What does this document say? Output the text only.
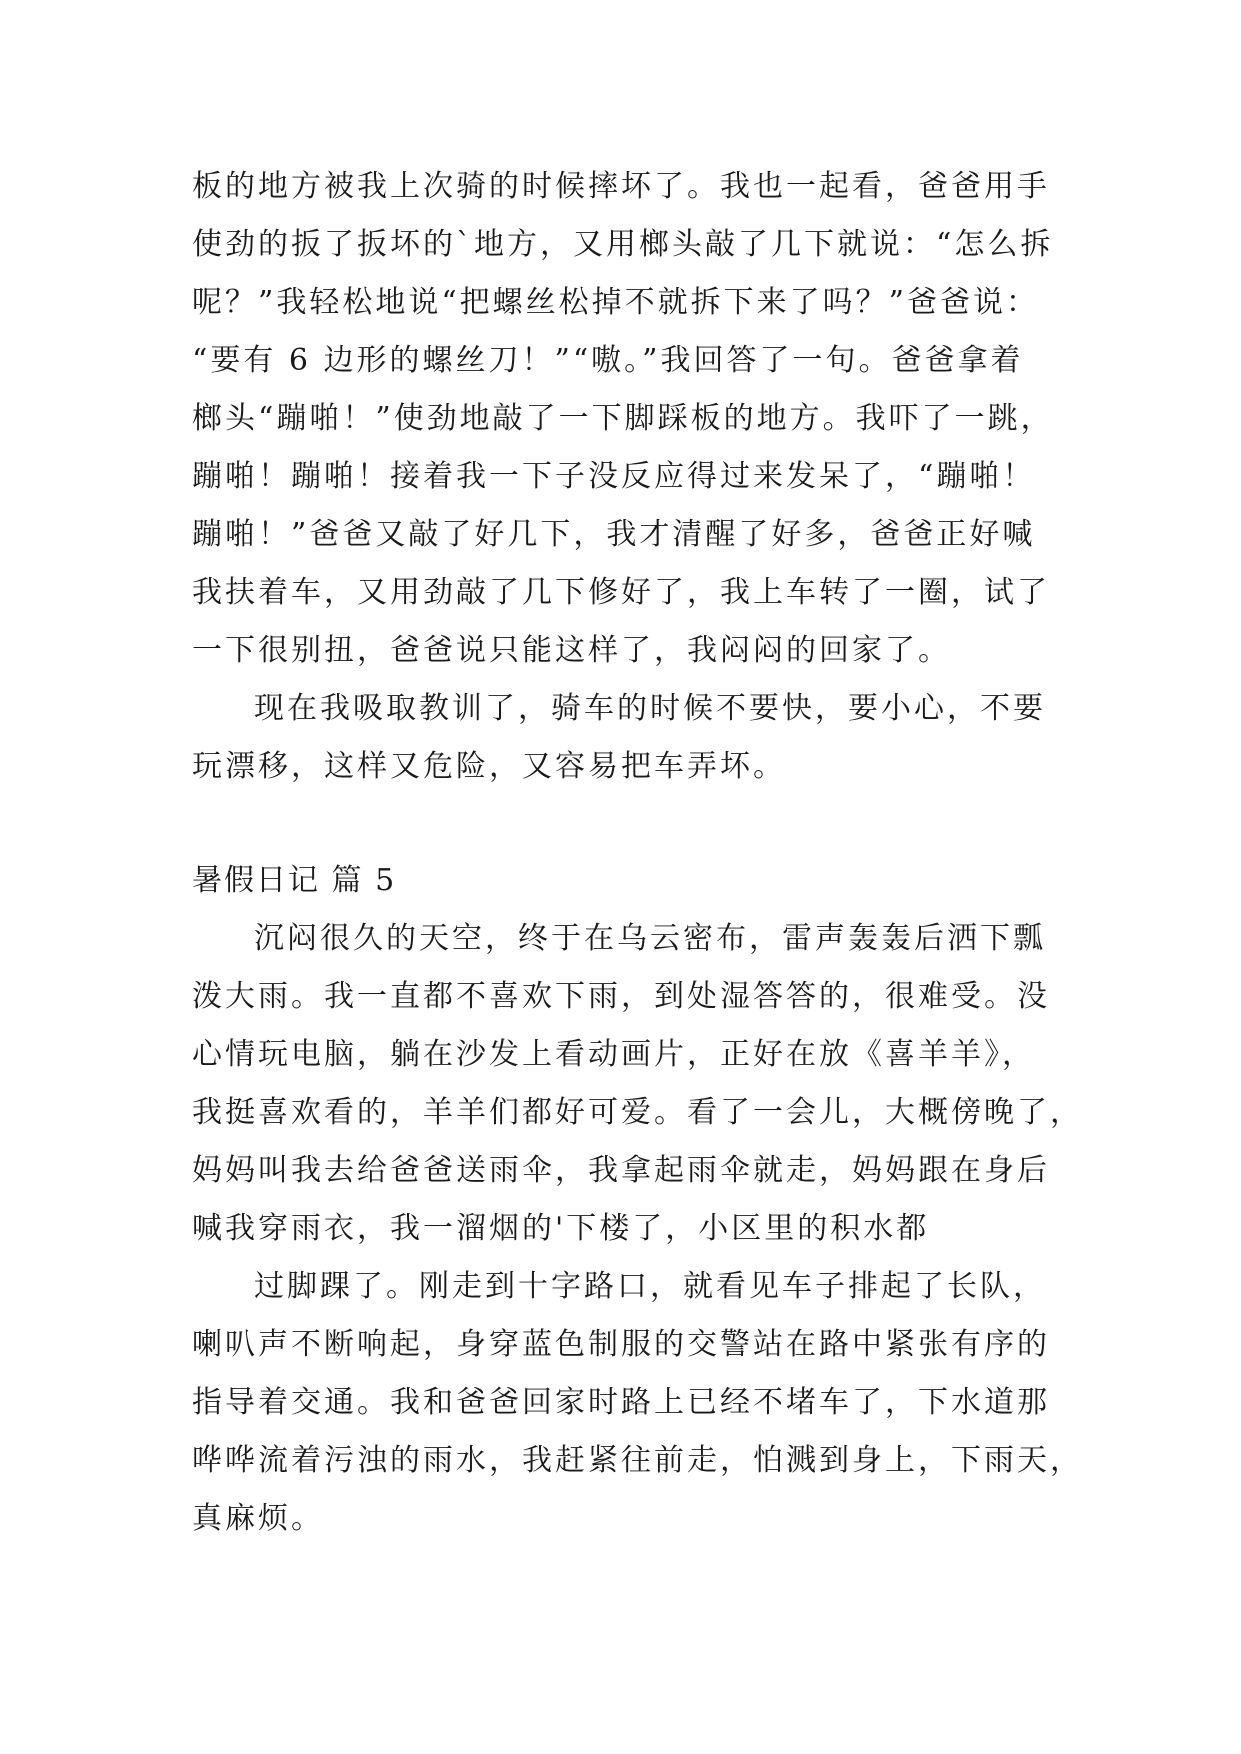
板的地方被我上次骑的时候摔坏了。我也一起看，爸爸用手
使劲的扳了扳坏的`地方，又用榔头敲了几下就说：“怎么拆
呢？”我轻松地说“把螺丝松掉不就拆下来了吗？”爸爸说：
“要有 6 边形的螺丝刀！”“嗷。”我回答了一句。爸爸拿着
榔头“蹦啪！”使劲地敲了一下脚踩板的地方。我吓了一跳，
蹦啪！蹦啪！接着我一下子没反应得过来发呆了，“蹦啪！
蹦啪！”爸爸又敲了好几下，我才清醒了好多，爸爸正好喊
我扶着车，又用劲敲了几下修好了，我上车转了一圈，试了
一下很别扭，爸爸说只能这样了，我闷闷的回家了。
现在我吸取教训了，骑车的时候不要快，要小心，不要
玩漂移，这样又危险，又容易把车弄坏。
暑假日记 篇 5
沉闷很久的天空，终于在乌云密布，雷声轰轰后洒下瓢
泼大雨。我一直都不喜欢下雨，到处湿答答的，很难受。没
心情玩电脑，躺在沙发上看动画片，正好在放《喜羊羊》，
我挺喜欢看的，羊羊们都好可爱。看了一会儿，大概傍晚了，
妈妈叫我去给爸爸送雨伞，我拿起雨伞就走，妈妈跟在身后
喊我穿雨衣，我一溜烟的'下楼了，小区里的积水都
过脚踝了。刚走到十字路口，就看见车子排起了长队，
喇叭声不断响起，身穿蓝色制服的交警站在路中紧张有序的
指导着交通。我和爸爸回家时路上已经不堵车了，下水道那
哗哗流着污浊的雨水，我赶紧往前走，怕溅到身上，下雨天，
真麻烦。
